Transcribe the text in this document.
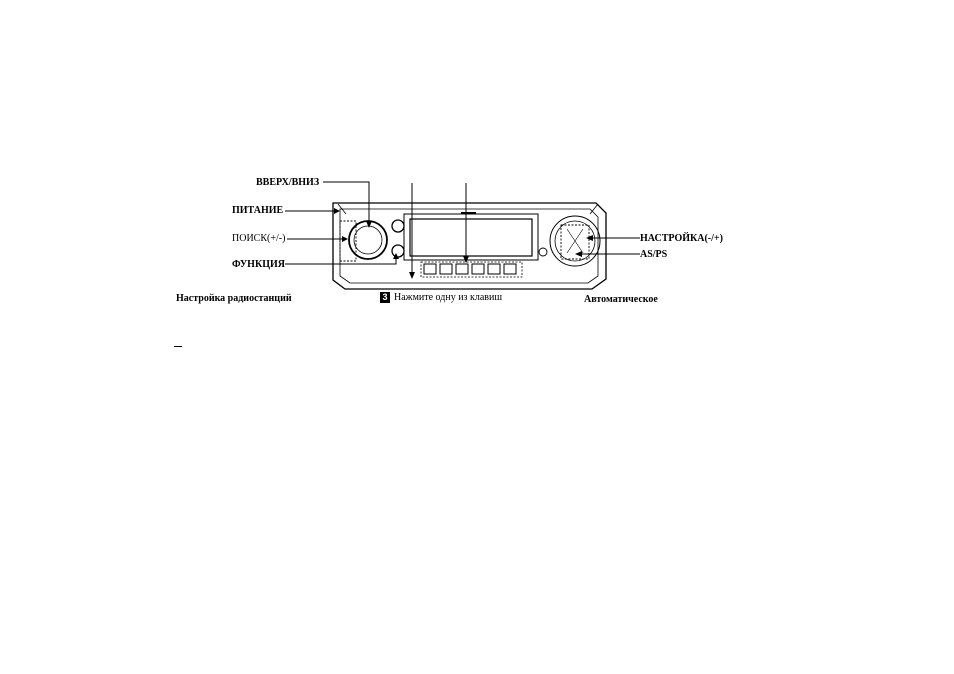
ВВЕРХ/ВНИЗ
ПИТАНИЕ
ПОИСК(+/-)
ФУНКЦИЯ
НАСТРОЙКА(-/+)
AS/PS
Настройка радиостанций	3 Нажмите одну из клавиш	Автоматическое
